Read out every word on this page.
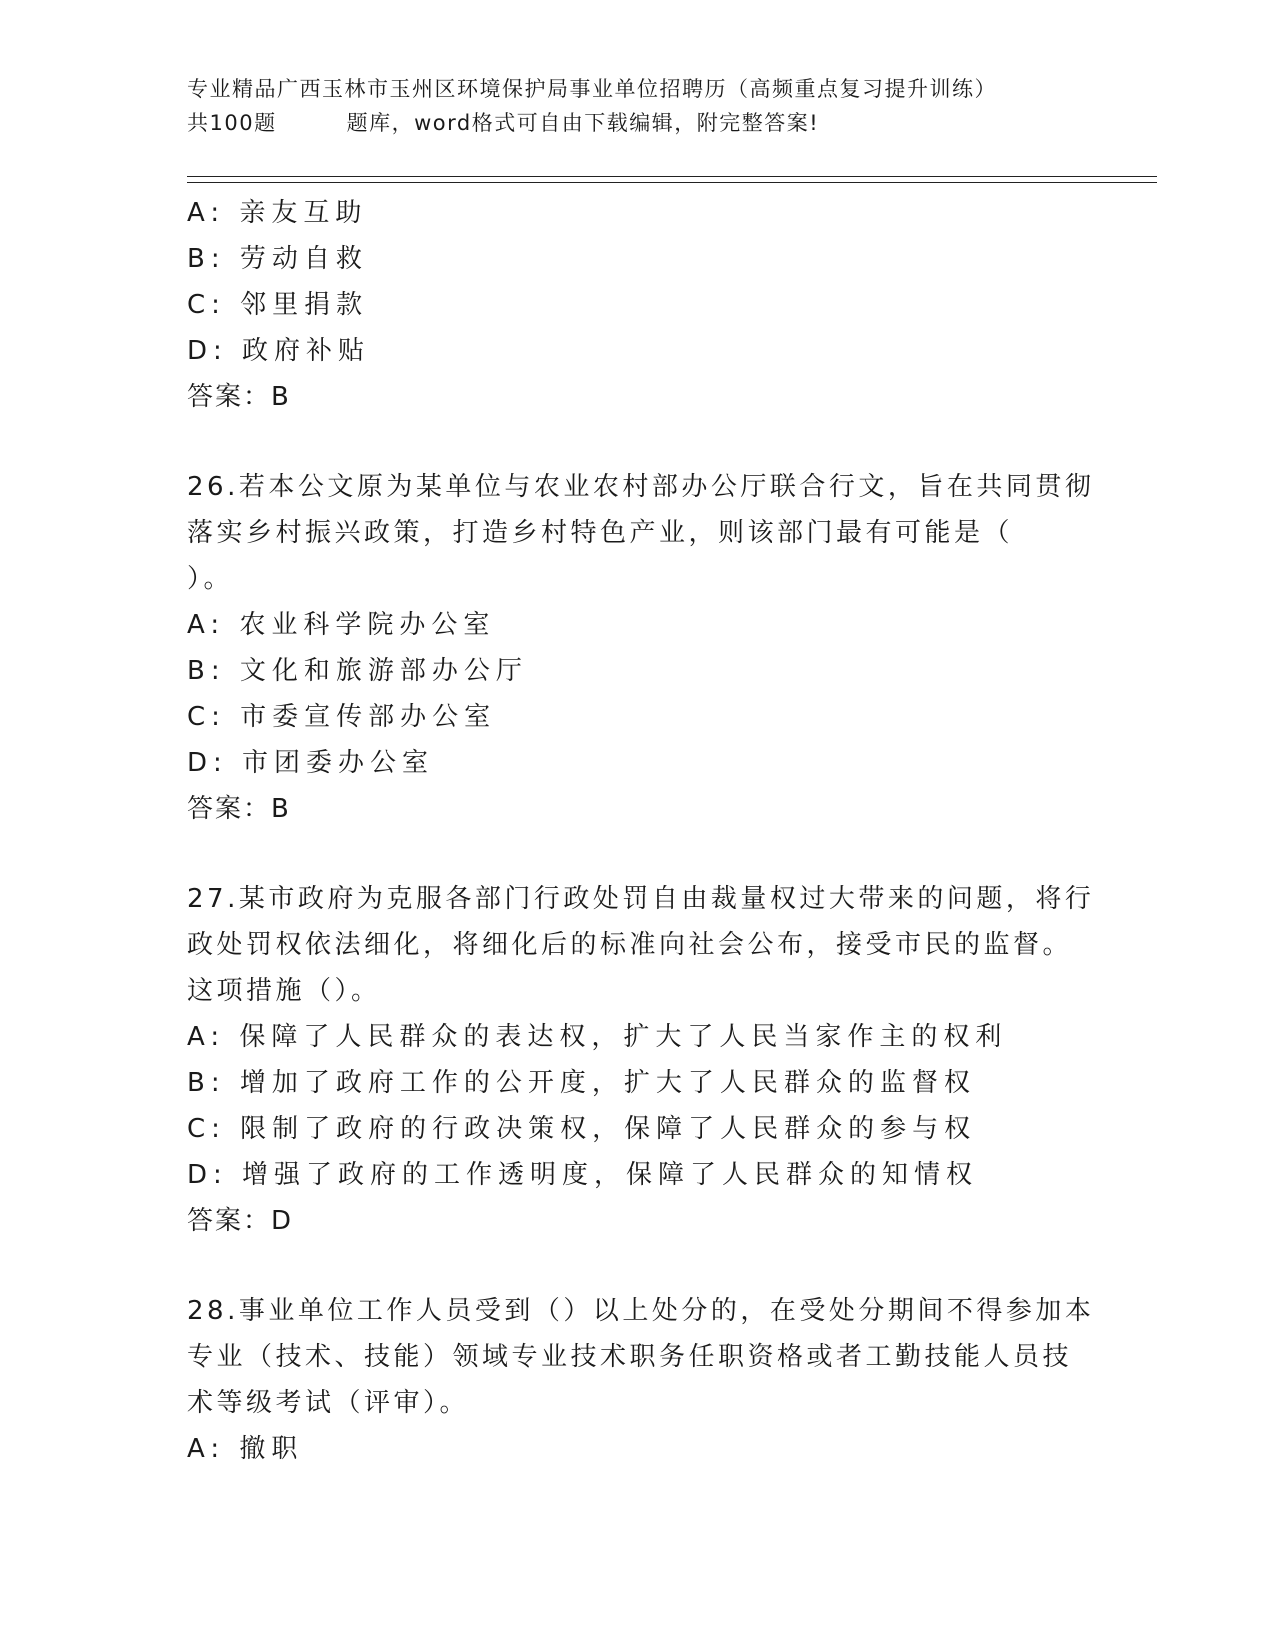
专业精品广西玉林市玉州区环境保护局事业单位招聘历（高频重点复习提升训练）
共100题	题库，word格式可自由下载编辑，附完整答案!
A: 亲友互助
B: 劳动自救
C: 邻里捐款
D: 政府补贴
答案：B
26.若本公文原为某单位与农业农村部办公厅联合行文，旨在共同贯彻
落实乡村振兴政策，打造乡村特色产业，则该部门最有可能是（
）。
A: 农业科学院办公室
B: 文化和旅游部办公厅
C: 市委宣传部办公室
D: 市团委办公室
答案：B
27.某市政府为克服各部门行政处罚自由裁量权过大带来的问题，将行
政处罚权依法细化，将细化后的标准向社会公布，接受市民的监督。
这项措施（）。
A: 保障了人民群众的表达权，扩大了人民当家作主的权利
B: 增加了政府工作的公开度，扩大了人民群众的监督权
C: 限制了政府的行政决策权，保障了人民群众的参与权
D: 增强了政府的工作透明度，保障了人民群众的知情权
答案：D
28.事业单位工作人员受到（）以上处分的，在受处分期间不得参加本
专业（技术、技能）领域专业技术职务任职资格或者工勤技能人员技
术等级考试（评审）。
A: 撤职
